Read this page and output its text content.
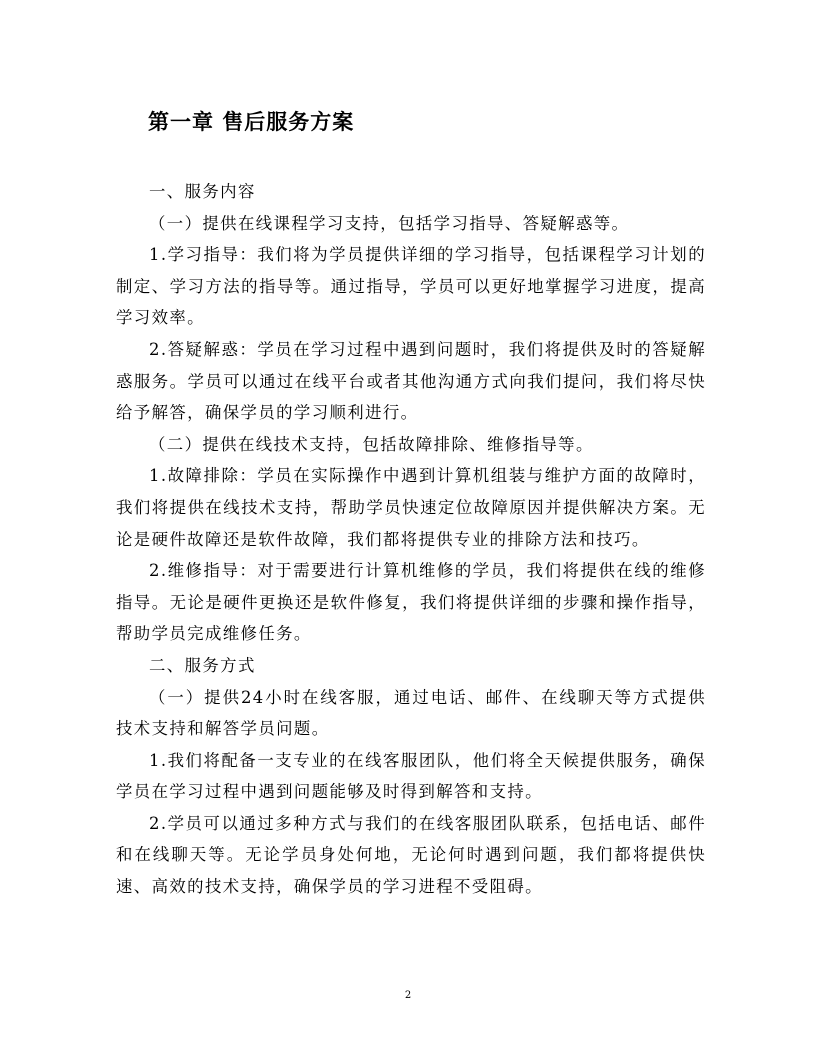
第一章 售后服务方案

一、服务内容

（一）提供在线课程学习支持，包括学习指导、答疑解惑等。

1.学习指导：我们将为学员提供详细的学习指导，包括课程学习计划的制定、学习方法的指导等。通过指导，学员可以更好地掌握学习进度，提高学习效率。

2.答疑解惑：学员在学习过程中遇到问题时，我们将提供及时的答疑解惑服务。学员可以通过在线平台或者其他沟通方式向我们提问，我们将尽快给予解答，确保学员的学习顺利进行。

（二）提供在线技术支持，包括故障排除、维修指导等。

1.故障排除：学员在实际操作中遇到计算机组装与维护方面的故障时，我们将提供在线技术支持，帮助学员快速定位故障原因并提供解决方案。无论是硬件故障还是软件故障，我们都将提供专业的排除方法和技巧。

2.维修指导：对于需要进行计算机维修的学员，我们将提供在线的维修指导。无论是硬件更换还是软件修复，我们将提供详细的步骤和操作指导，帮助学员完成维修任务。

二、服务方式

（一）提供24小时在线客服，通过电话、邮件、在线聊天等方式提供技术支持和解答学员问题。

1.我们将配备一支专业的在线客服团队，他们将全天候提供服务，确保学员在学习过程中遇到问题能够及时得到解答和支持。

2.学员可以通过多种方式与我们的在线客服团队联系，包括电话、邮件和在线聊天等。无论学员身处何地，无论何时遇到问题，我们都将提供快速、高效的技术支持，确保学员的学习进程不受阻碍。

2
